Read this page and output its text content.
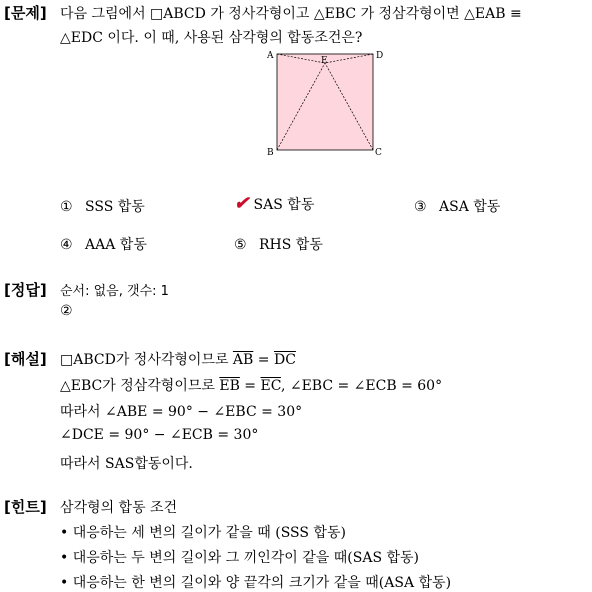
[문제] 다음 그림에서 □ABCD 가 정사각형이고 △EBC 가 정삼각형이면 △EAB ≡
△EDC 이다. 이 때, 사용된 삼각형의 합동조건은?
A	D
E
B	C
① SSS 합동	✔ SAS 합동	③ ASA 합동
④ AAA 합동	⑤ RHS 합동
[정답] 순서: 없음, 갯수: 1
②
[해설] □ABCD가 정사각형이므로 $\overline{AB} = \overline{DC}$
△EBC가 정삼각형이므로 $\overline{EB} = \overline{EC}$, ∠EBC = ∠ECB = 60°
따라서 ∠ABE = 90° − ∠EBC = 30°
∠DCE = 90° − ∠ECB = 30°
따라서 SAS합동이다.
[힌트] 삼각형의 합동 조건
• 대응하는 세 변의 길이가 같을 때 (SSS 합동)
• 대응하는 두 변의 길이와 그 끼인각이 같을 때(SAS 합동)
• 대응하는 한 변의 길이와 양 끝각의 크기가 같을 때(ASA 합동)
